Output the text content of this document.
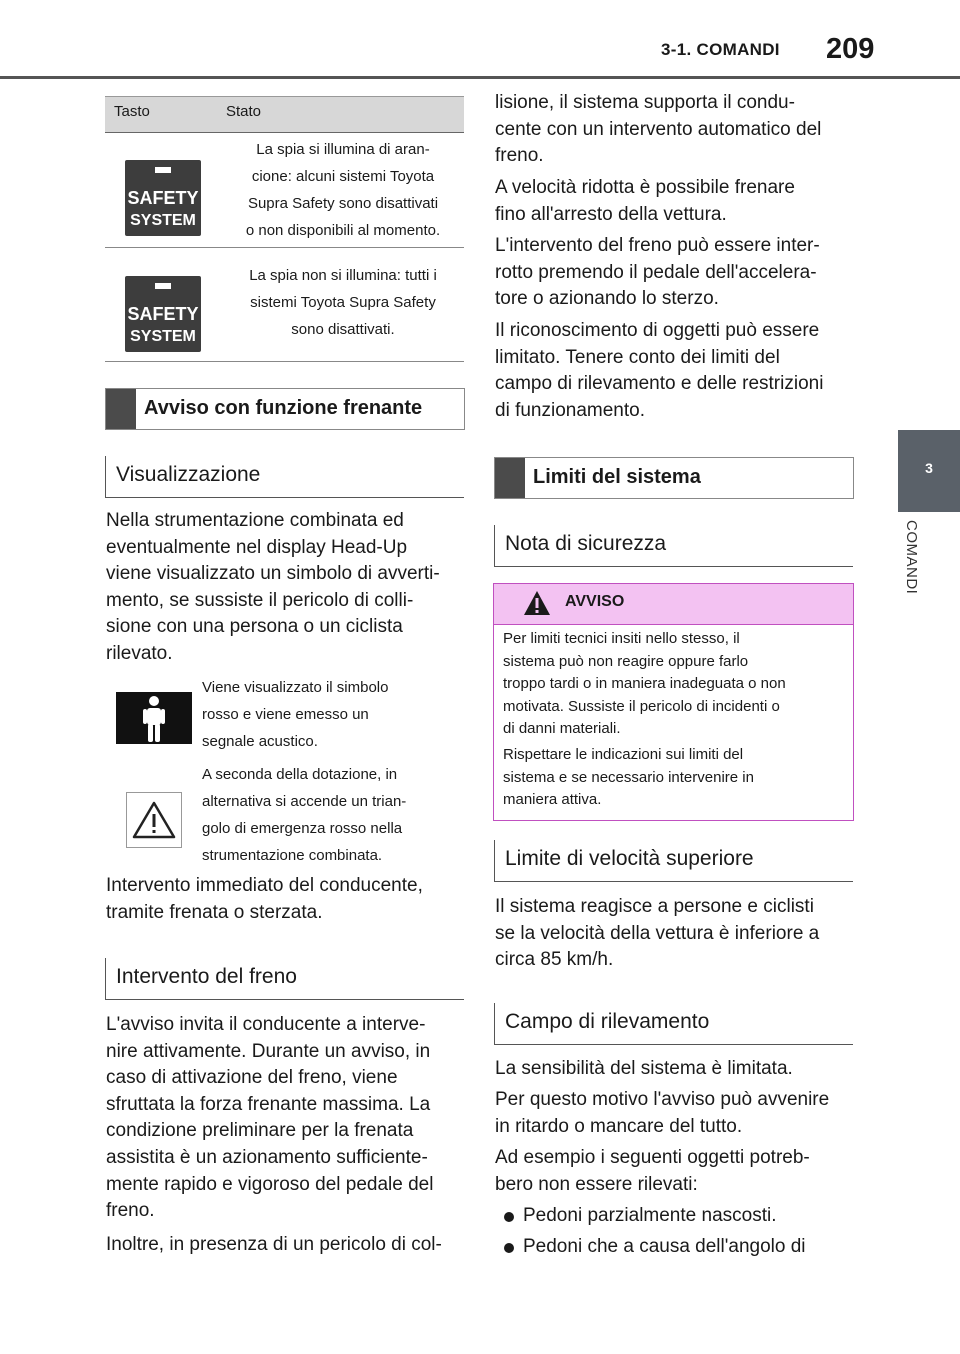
3-1. COMANDI 209
3
COMANDI
Tasto	Stato
SAFETY
SYSTEM
La spia si illumina di aran-
cione: alcuni sistemi Toyota
Supra Safety sono disattivati
o non disponibili al momento.
SAFETY
SYSTEM
La spia non si illumina: tutti i
sistemi Toyota Supra Safety
sono disattivati.
Avviso con funzione frenante
Visualizzazione
Nella strumentazione combinata ed
eventualmente nel display Head-Up
viene visualizzato un simbolo di avverti-
mento, se sussiste il pericolo di colli-
sione con una persona o un ciclista
rilevato.
Viene visualizzato il simbolo
rosso e viene emesso un
segnale acustico.
A seconda della dotazione, in
alternativa si accende un trian-
golo di emergenza rosso nella
strumentazione combinata.
Intervento immediato del conducente,
tramite frenata o sterzata.
Intervento del freno
L'avviso invita il conducente a interve-
nire attivamente. Durante un avviso, in
caso di attivazione del freno, viene
sfruttata la forza frenante massima. La
condizione preliminare per la frenata
assistita è un azionamento sufficiente-
mente rapido e vigoroso del pedale del
freno.
Inoltre, in presenza di un pericolo di col-
lisione, il sistema supporta il condu-
cente con un intervento automatico del
freno.
A velocità ridotta è possibile frenare
fino all'arresto della vettura.
L'intervento del freno può essere inter-
rotto premendo il pedale dell'accelera-
tore o azionando lo sterzo.
Il riconoscimento di oggetti può essere
limitato. Tenere conto dei limiti del
campo di rilevamento e delle restrizioni
di funzionamento.
Limiti del sistema
Nota di sicurezza
AVVISO
Per limiti tecnici insiti nello stesso, il
sistema può non reagire oppure farlo
troppo tardi o in maniera inadeguata o non
motivata. Sussiste il pericolo di incidenti o
di danni materiali.
Rispettare le indicazioni sui limiti del
sistema e se necessario intervenire in
maniera attiva.
Limite di velocità superiore
Il sistema reagisce a persone e ciclisti
se la velocità della vettura è inferiore a
circa 85 km/h.
Campo di rilevamento
La sensibilità del sistema è limitata.
Per questo motivo l'avviso può avvenire
in ritardo o mancare del tutto.
Ad esempio i seguenti oggetti potreb-
bero non essere rilevati:
Pedoni parzialmente nascosti.
Pedoni che a causa dell'angolo di
